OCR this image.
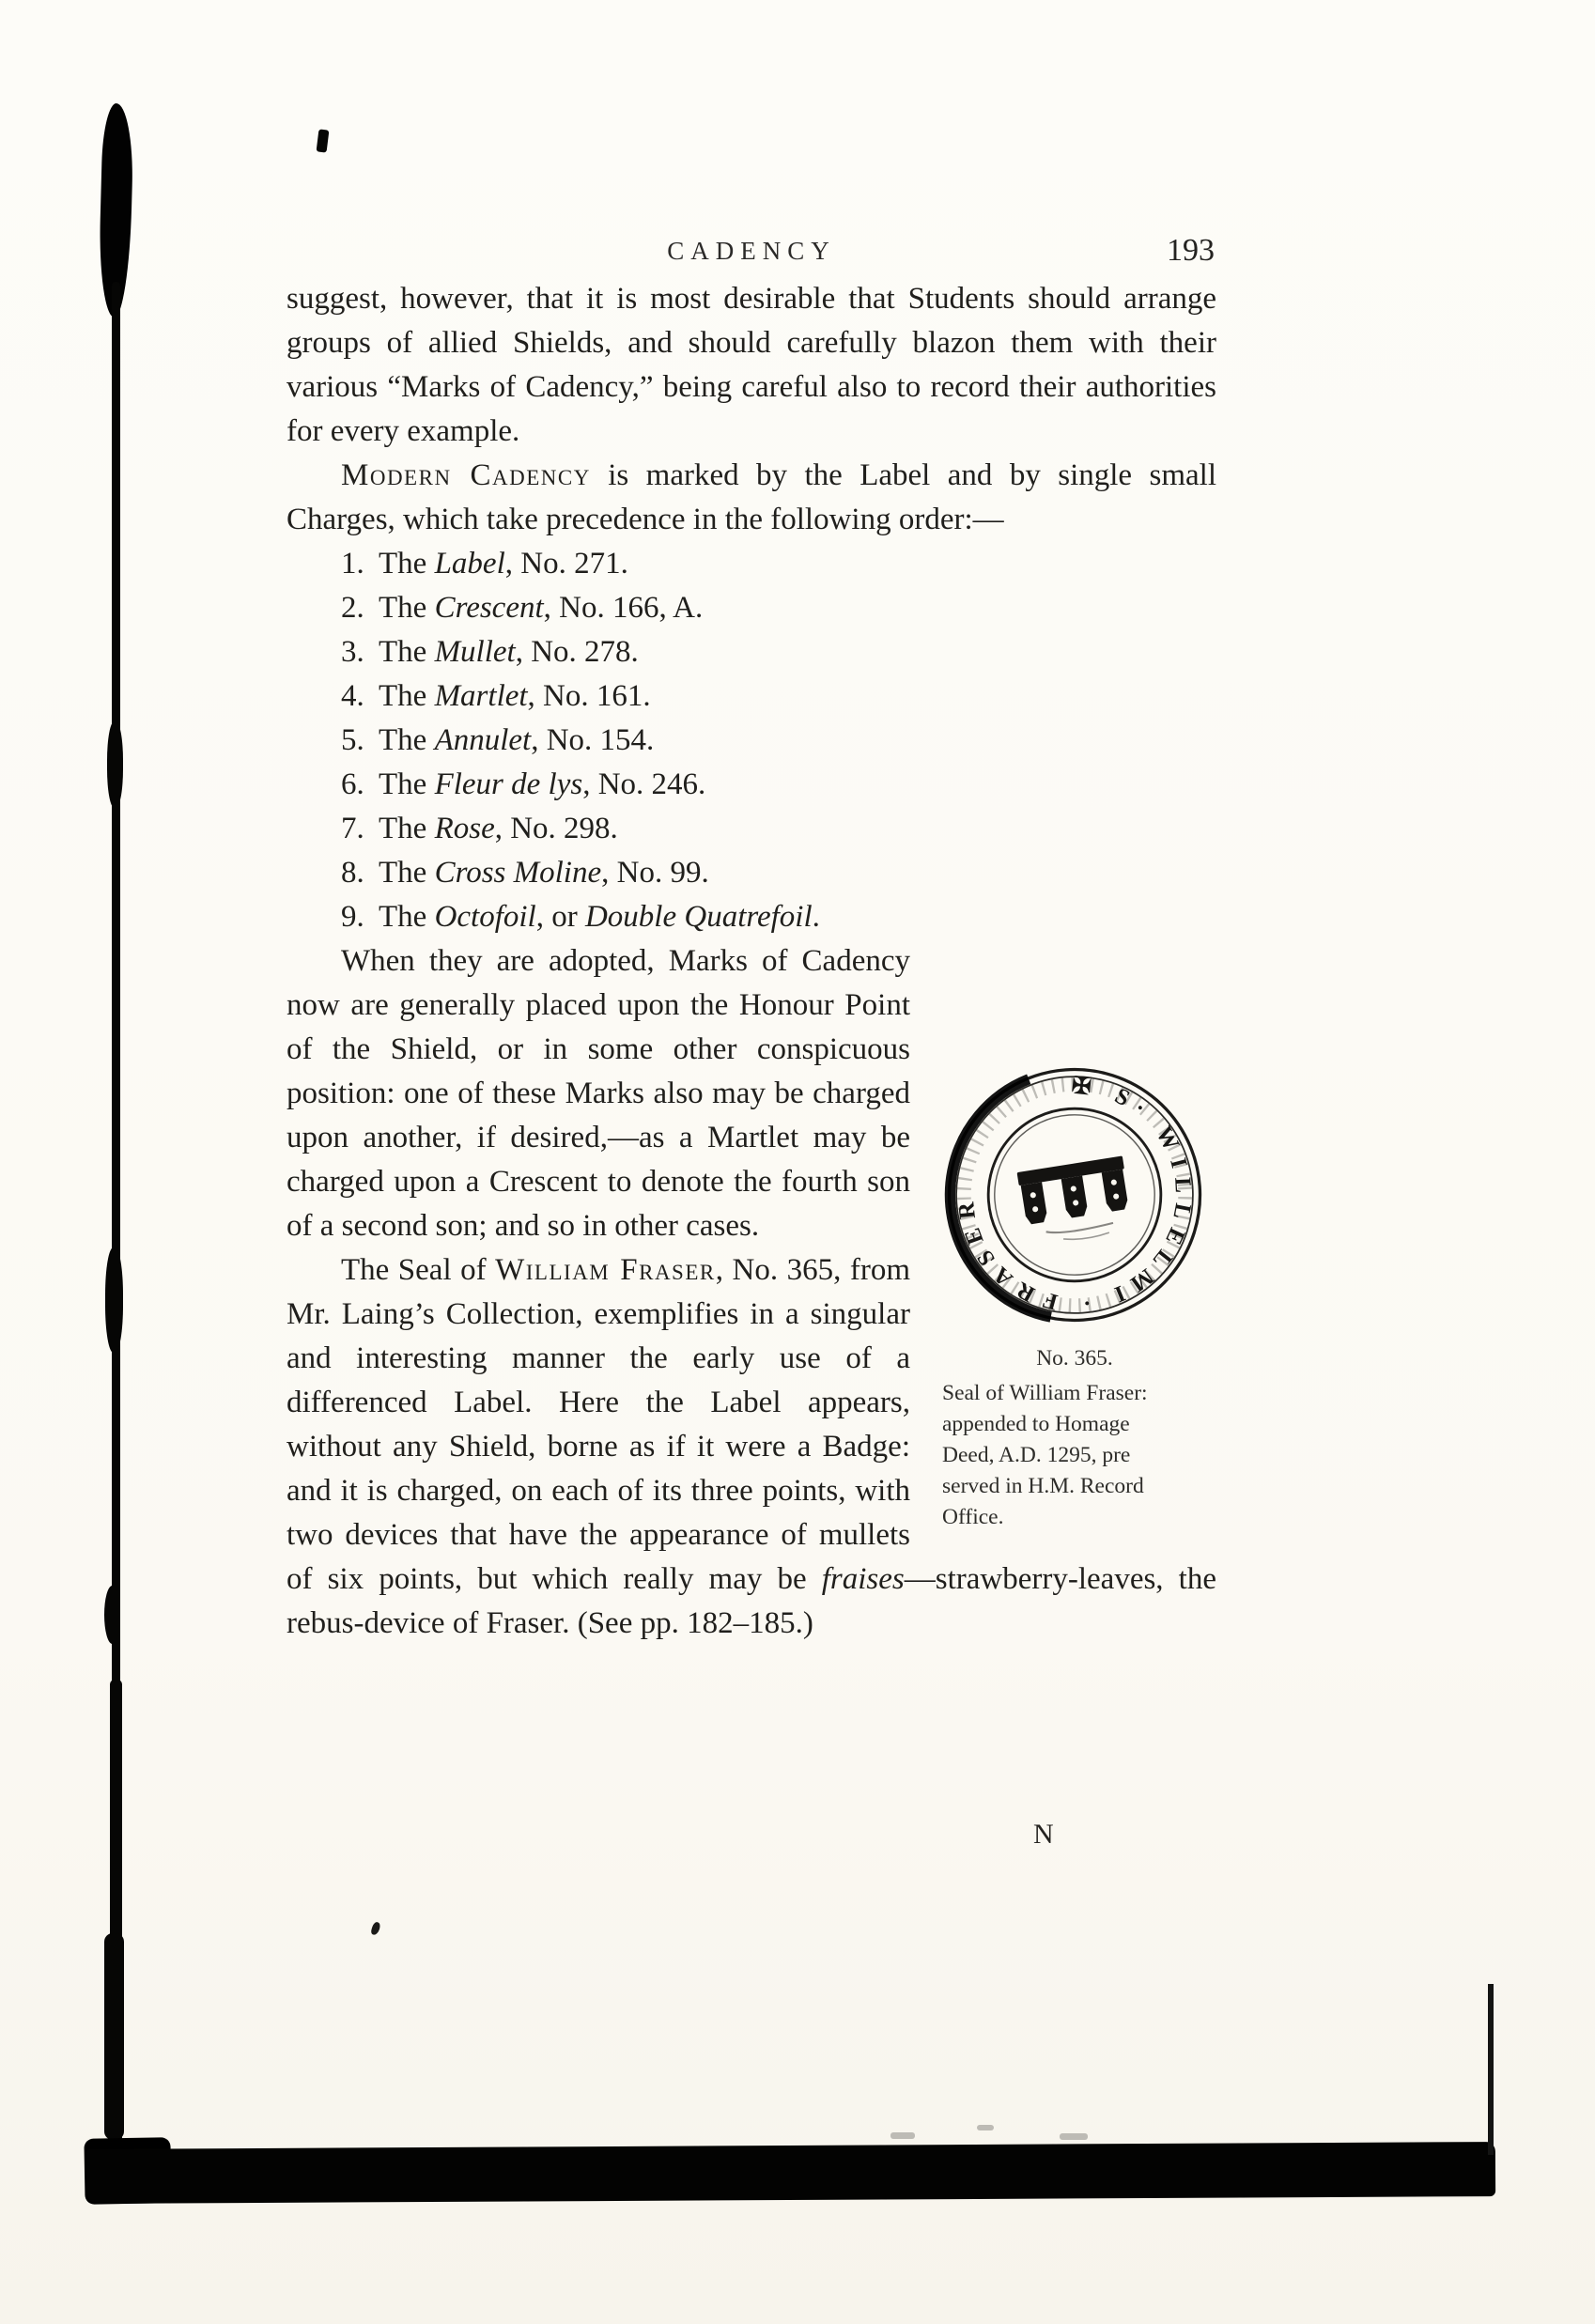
CADENCY	193

suggest, however, that it is most desirable that Students should arrange groups of allied Shields, and should carefully blazon them with their various “Marks of Cadency,” being careful also to record their authorities for every example.

Modern Cadency is marked by the Label and by single small Charges, which take precedence in the following order:—

1. The Label, No. 271.
2. The Crescent, No. 166, A.
3. The Mullet, No. 278.
4. The Martlet, No. 161.
5. The Annulet, No. 154.
6. The Fleur de lys, No. 246.
7. The Rose, No. 298.
8. The Cross Moline, No. 99.
9. The Octofoil, or Double Quatrefoil.
✠ S· WILLELMI · FRASER
No. 365.
Seal of William Fraser:
appended to Homage
Deed, A.D. 1295, pre
served in H.M. Record
Office.

When they are adopted, Marks of Cadency now are generally placed upon the Honour Point of the Shield, or in some other conspicuous position: one of these Marks also may be charged upon another, if desired,—as a Martlet may be charged upon a Crescent to denote the fourth son of a second son; and so in other cases.

The Seal of William Fraser, No. 365, from Mr. Laing’s Collection, exemplifies in a singular and interesting manner the early use of a differenced Label. Here the Label appears, without any Shield, borne as if it were a Badge: and it is charged, on each of its three points, with two devices that have the appearance of mullets of six points, but which really may be fraises—strawberry-leaves, the rebus-device of Fraser. (See pp. 182–185.)

N
